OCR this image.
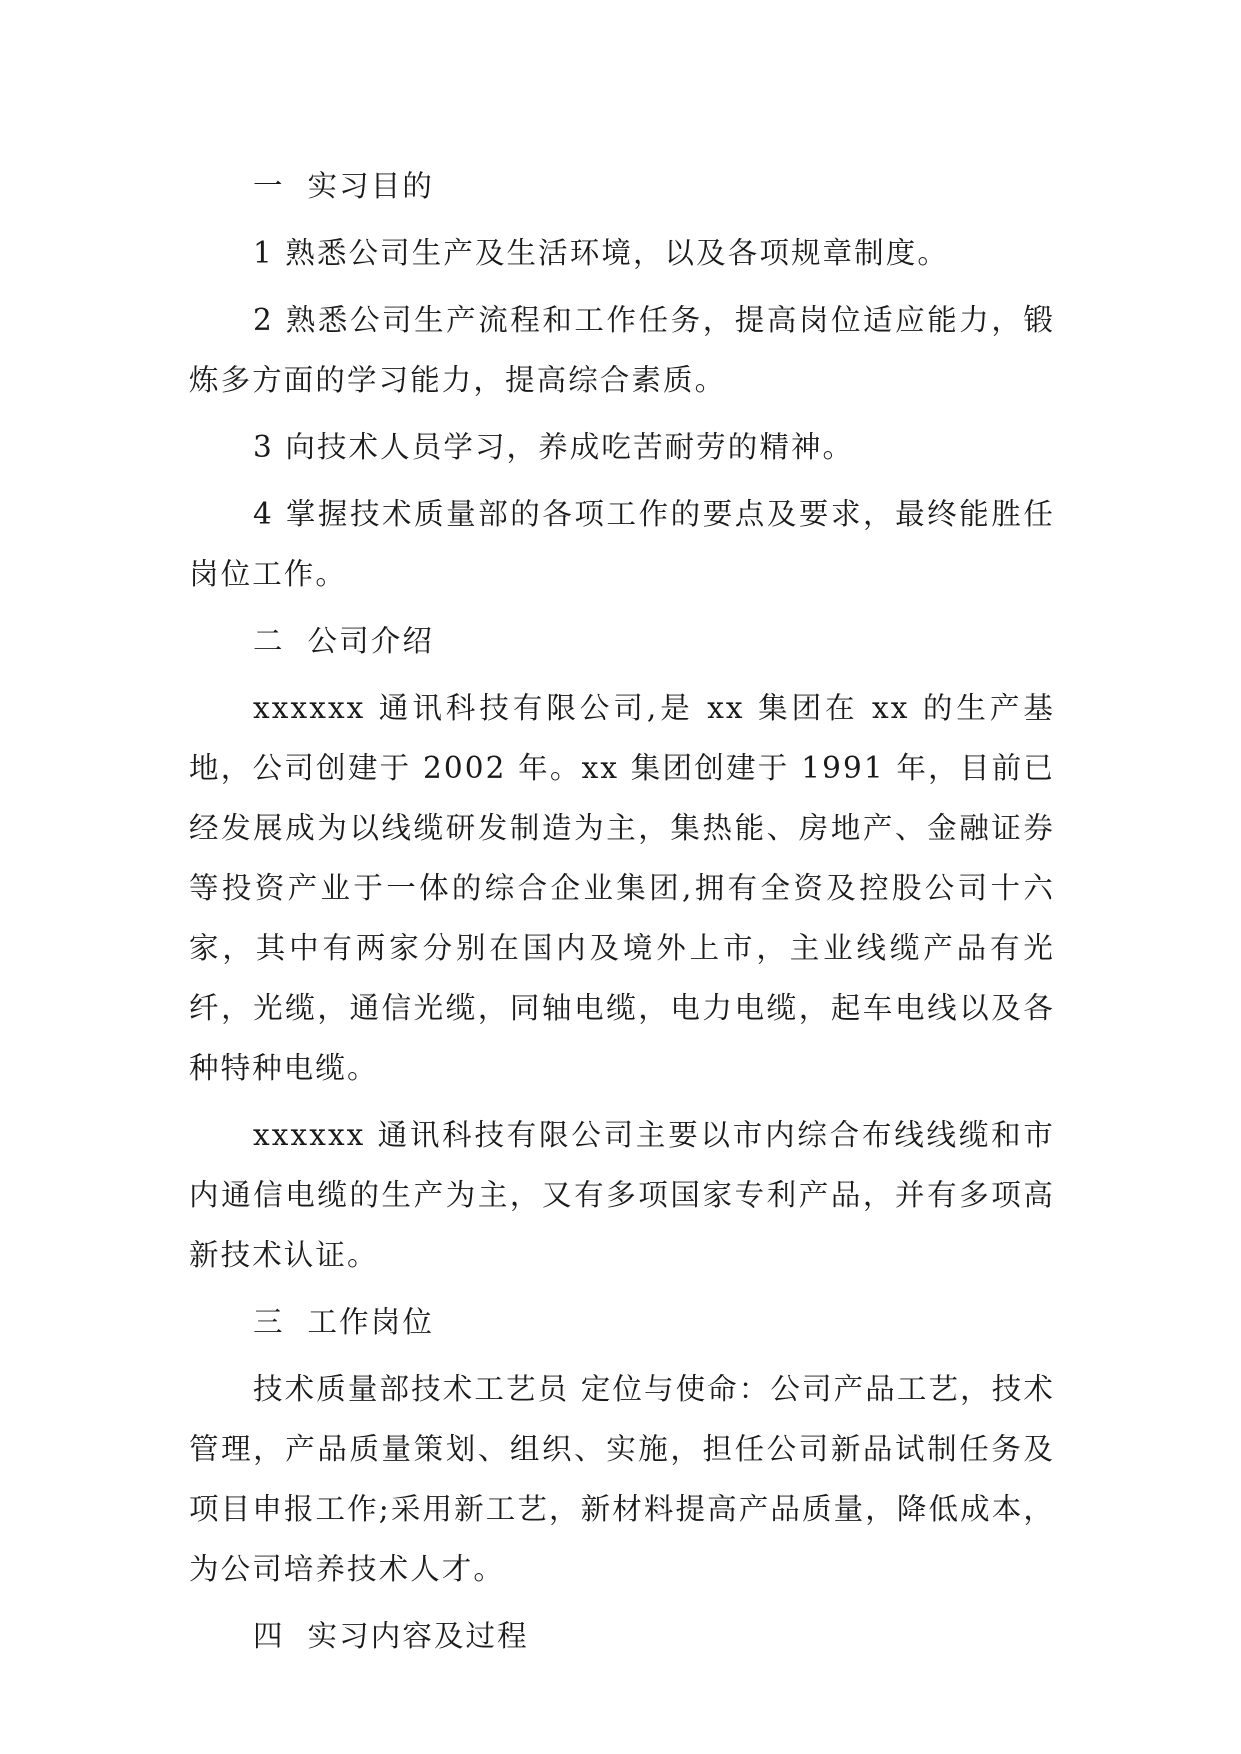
一  实习目的

1 熟悉公司生产及生活环境，以及各项规章制度。

2 熟悉公司生产流程和工作任务，提高岗位适应能力，锻炼多方面的学习能力，提高综合素质。

3 向技术人员学习，养成吃苦耐劳的精神。

4 掌握技术质量部的各项工作的要点及要求，最终能胜任岗位工作。

二  公司介绍

xxxxxx 通讯科技有限公司,是 xx 集团在 xx 的生产基地，公司创建于 2002 年。xx 集团创建于 1991 年，目前已经发展成为以线缆研发制造为主，集热能、房地产、金融证券等投资产业于一体的综合企业集团,拥有全资及控股公司十六家，其中有两家分别在国内及境外上市，主业线缆产品有光纤，光缆，通信光缆，同轴电缆，电力电缆，起车电线以及各种特种电缆。

xxxxxx 通讯科技有限公司主要以市内综合布线线缆和市内通信电缆的生产为主，又有多项国家专利产品，并有多项高新技术认证。

三  工作岗位

技术质量部技术工艺员 定位与使命：公司产品工艺，技术管理，产品质量策划、组织、实施，担任公司新品试制任务及项目申报工作;采用新工艺，新材料提高产品质量，降低成本，为公司培养技术人才。

四  实习内容及过程
